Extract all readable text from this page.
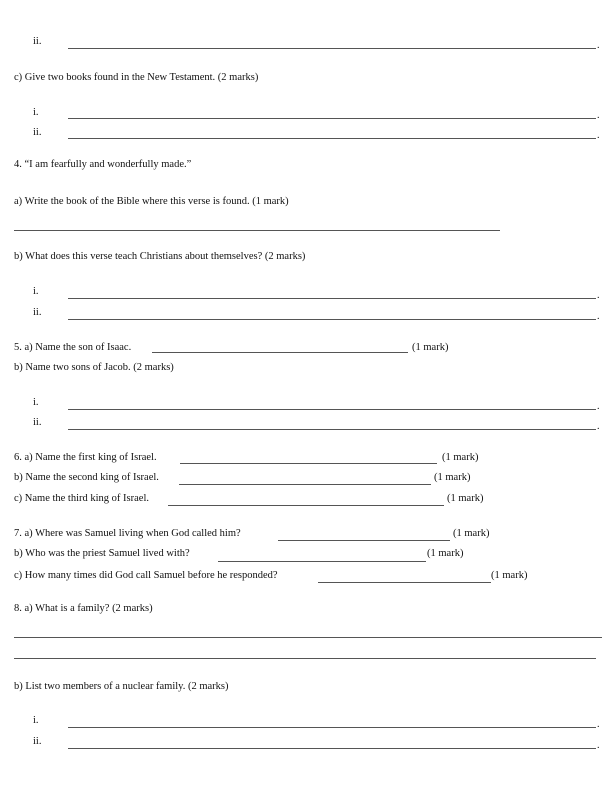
ii.	.
c) Give two books found in the New Testament. (2 marks)
i.	.
ii.	.
4. “I am fearfully and wonderfully made.”
a) Write the book of the Bible where this verse is found. (1 mark)
b) What does this verse teach Christians about themselves? (2 marks)
i.	.
ii.	.
5. a) Name the son of Isaac.	(1 mark)
b) Name two sons of Jacob. (2 marks)
i.	.
ii.	.
6. a) Name the first king of Israel.	(1 mark)
b) Name the second king of Israel.	(1 mark)
c) Name the third king of Israel.	(1 mark)
7. a) Where was Samuel living when God called him?	(1 mark)
b) Who was the priest Samuel lived with?	(1 mark)
c) How many times did God call Samuel before he responded?	(1 mark)
8. a) What is a family? (2 marks)
b) List two members of a nuclear family. (2 marks)
i.	.
ii.	.
